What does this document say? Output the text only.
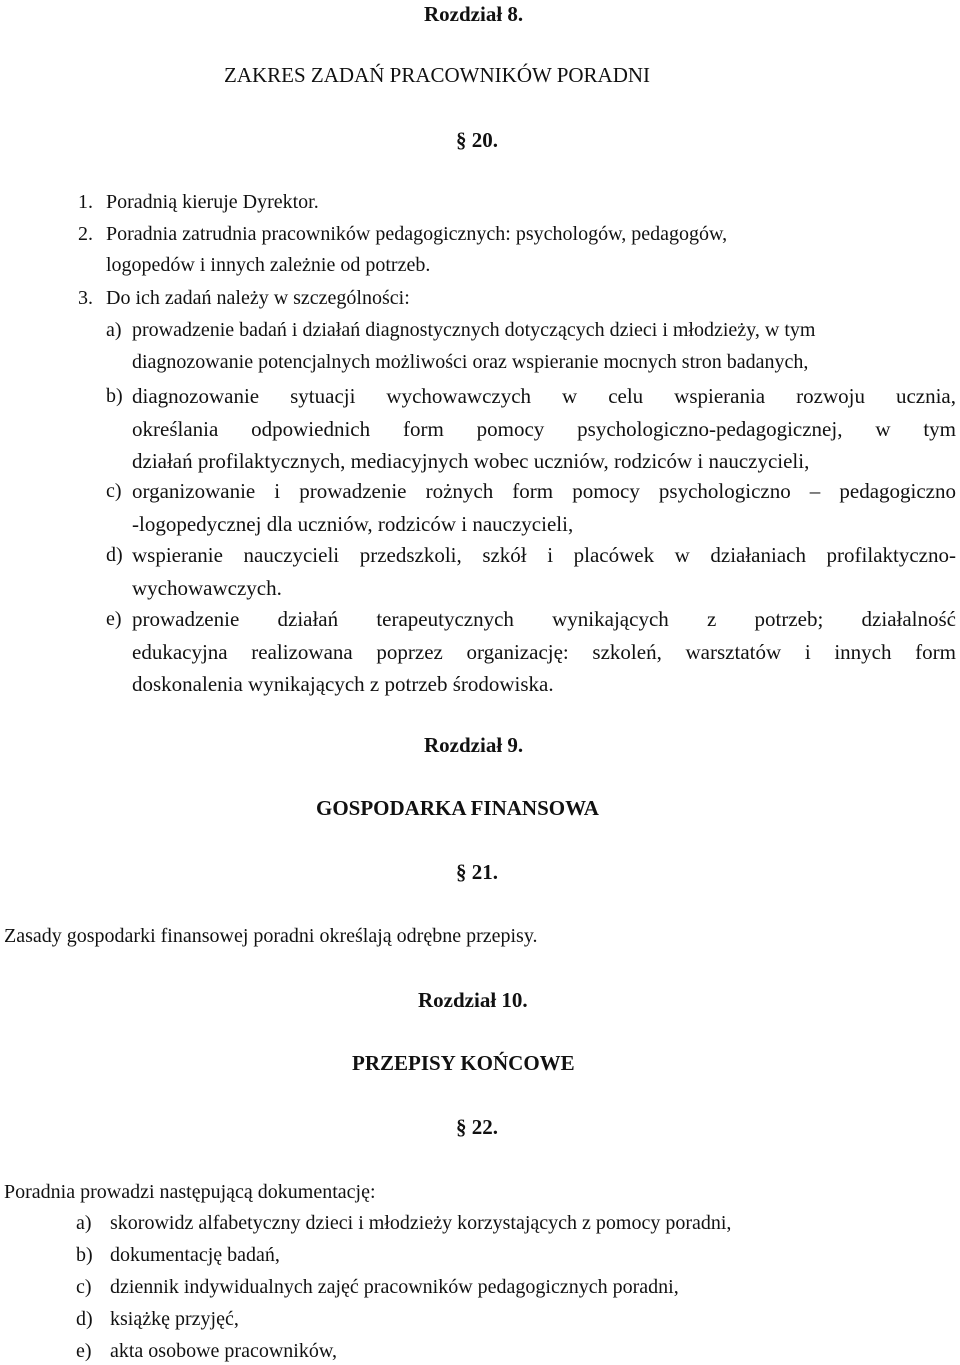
Rozdział 8.
ZAKRES ZADAŃ PRACOWNIKÓW PORADNI
§ 20.
1. Poradnią kieruje Dyrektor.
2. Poradnia zatrudnia pracowników pedagogicznych: psychologów, pedagogów,
logopedów i innych zależnie od potrzeb.
3. Do ich zadań należy w szczególności:
a) prowadzenie badań i działań diagnostycznych dotyczących dzieci i młodzieży, w tym
diagnozowanie potencjalnych możliwości oraz wspieranie mocnych stron badanych,
b) diagnozowanie sytuacji wychowawczych w celu wspierania rozwoju ucznia,
określania odpowiednich form pomocy psychologiczno-pedagogicznej, w tym
działań profilaktycznych, mediacyjnych wobec uczniów, rodziców i nauczycieli,
c) organizowanie i prowadzenie rożnych form pomocy psychologiczno – pedagogiczno
-logopedycznej dla uczniów, rodziców i nauczycieli,
d) wspieranie nauczycieli przedszkoli, szkół i placówek w działaniach profilaktyczno-
wychowawczych.
e) prowadzenie działań terapeutycznych wynikających z potrzeb; działalność
edukacyjna realizowana poprzez organizację: szkoleń, warsztatów i innych form
doskonalenia wynikających z potrzeb środowiska.
Rozdział 9.
GOSPODARKA FINANSOWA
§ 21.
Zasady gospodarki finansowej poradni określają odrębne przepisy.
Rozdział 10.
PRZEPISY KOŃCOWE
§ 22.
Poradnia prowadzi następującą dokumentację:
a) skorowidz alfabetyczny dzieci i młodzieży korzystających z pomocy poradni,
b) dokumentację badań,
c) dziennik indywidualnych zajęć pracowników pedagogicznych poradni,
d) książkę przyjęć,
e) akta osobowe pracowników,
